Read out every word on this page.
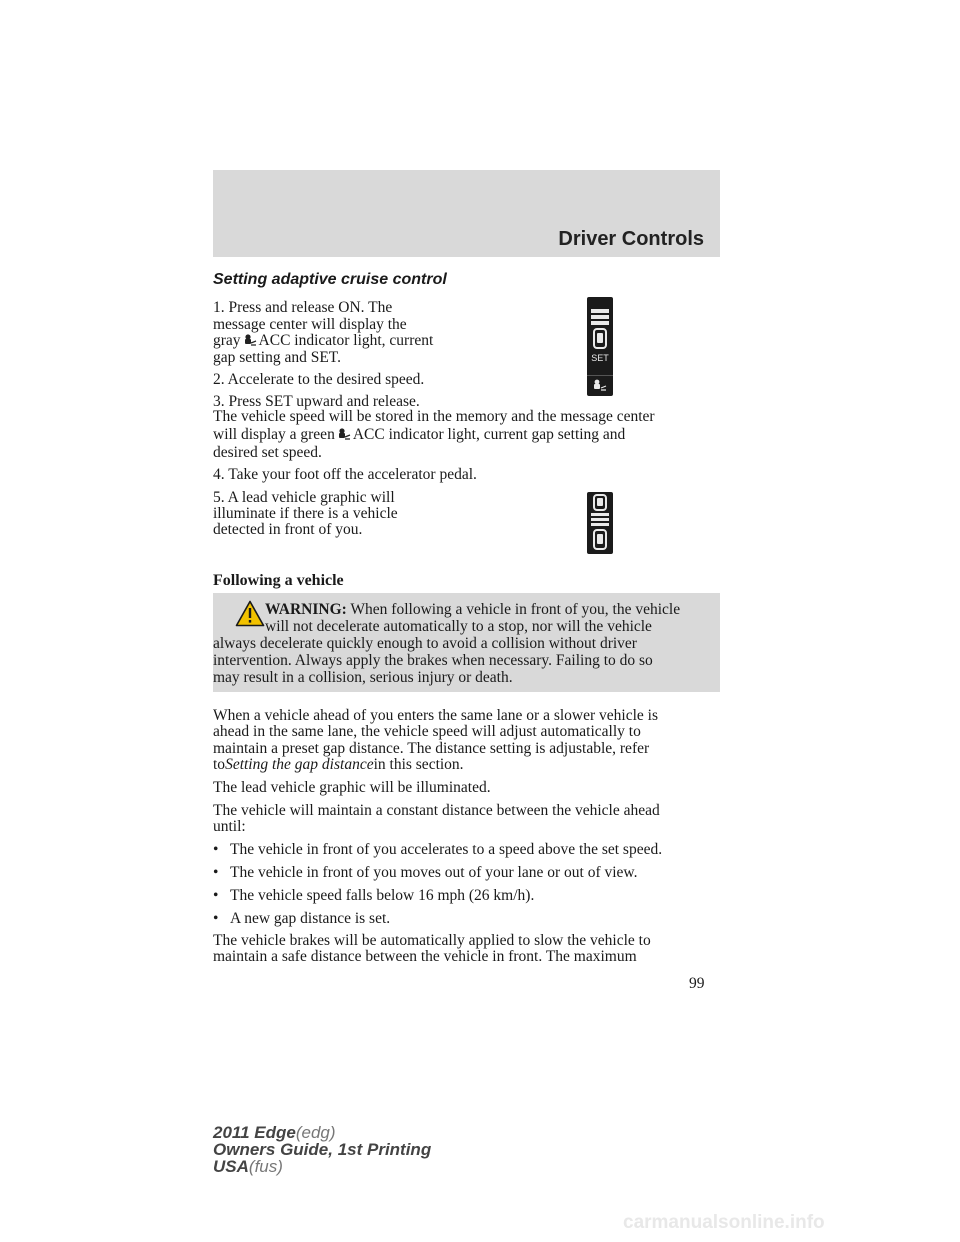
Driver Controls
Setting adaptive cruise control
1. Press and release ON. The
message center will display the
gray ACC indicator light, current
gap setting and SET.
2. Accelerate to the desired speed.
3. Press SET upward and release.
The vehicle speed will be stored in the memory and the message center
will display a green ACC indicator light, current gap setting and
desired set speed.
4. Take your foot off the accelerator pedal.
5. A lead vehicle graphic will
illuminate if there is a vehicle
detected in front of you.
SET
Following a vehicle
WARNING: When following a vehicle in front of you, the vehicle
will not decelerate automatically to a stop, nor will the vehicle
always decelerate quickly enough to avoid a collision without driver
intervention. Always apply the brakes when necessary. Failing to do so
may result in a collision, serious injury or death.
When a vehicle ahead of you enters the same lane or a slower vehicle is
ahead in the same lane, the vehicle speed will adjust automatically to
maintain a preset gap distance. The distance setting is adjustable, refer
toSetting the gap distancein this section.
The lead vehicle graphic will be illuminated.
The vehicle will maintain a constant distance between the vehicle ahead
until:
• The vehicle in front of you accelerates to a speed above the set speed.
• The vehicle in front of you moves out of your lane or out of view.
• The vehicle speed falls below 16 mph (26 km/h).
• A new gap distance is set.
The vehicle brakes will be automatically applied to slow the vehicle to
maintain a safe distance between the vehicle in front. The maximum
99
2011 Edge(edg)
Owners Guide, 1st Printing
USA(fus)
carmanualsonline.info
